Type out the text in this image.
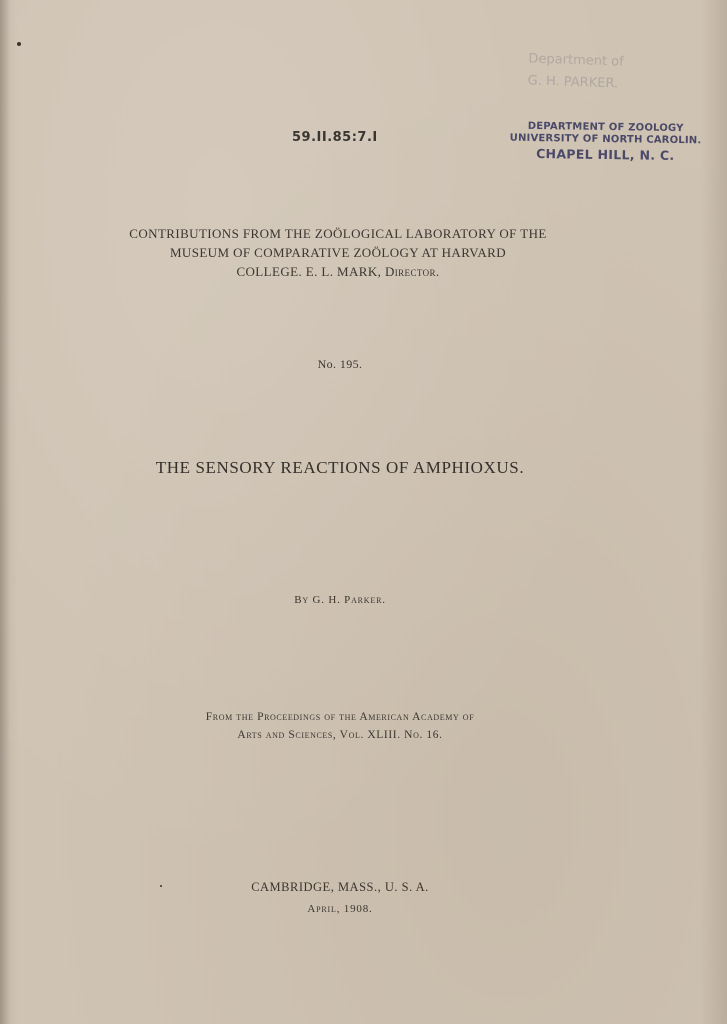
Department of
G. H. PARKER.
59.II.85:7.I
DEPARTMENT OF ZOOLOGY
UNIVERSITY OF NORTH CAROLIN.
CHAPEL HILL, N. C.
CONTRIBUTIONS FROM THE ZOÖLOGICAL LABORATORY OF THE
MUSEUM OF COMPARATIVE ZOÖLOGY AT HARVARD
COLLEGE. E. L. MARK, Director.
No. 195.
THE SENSORY REACTIONS OF AMPHIOXUS.
By G. H. Parker.
From the Proceedings of the American Academy of
Arts and Sciences, Vol. XLIII. No. 16.
CAMBRIDGE, MASS., U. S. A.
April, 1908.
